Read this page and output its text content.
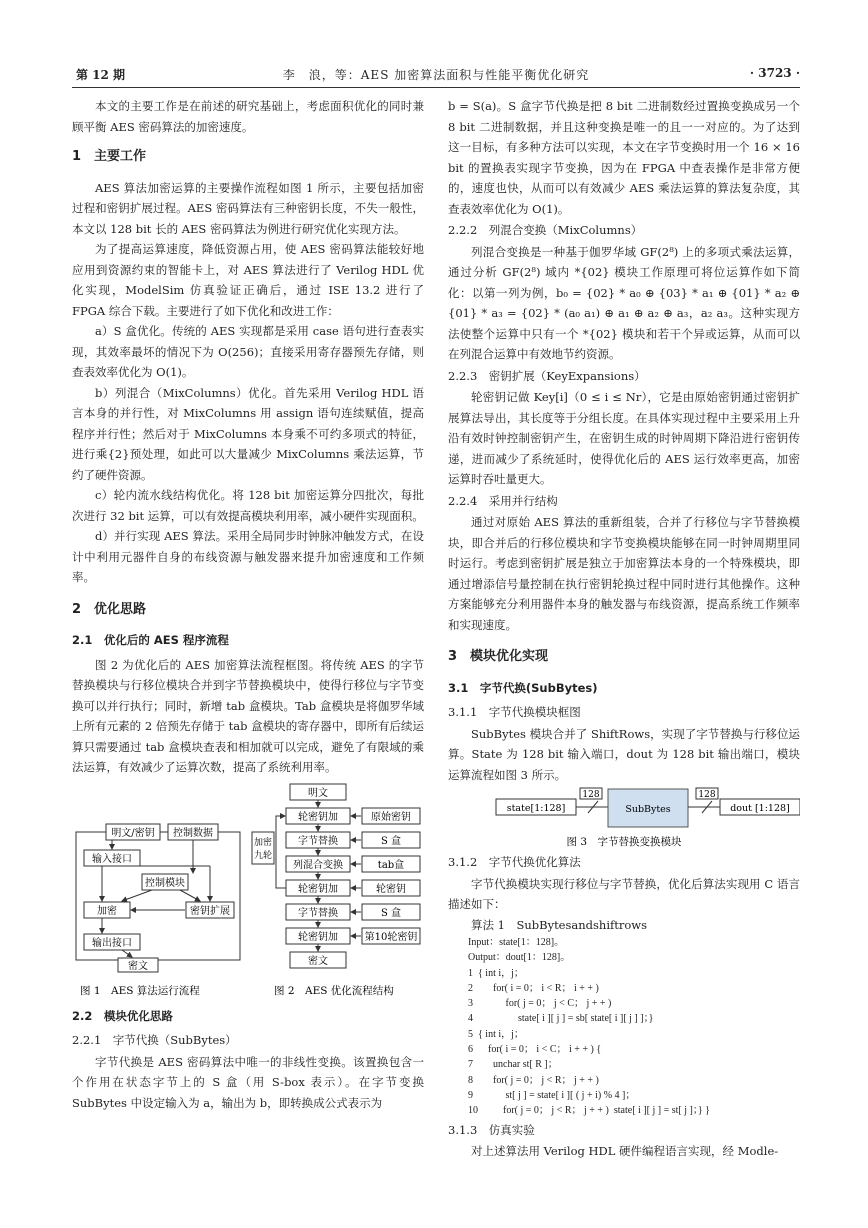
第 12 期	李　浪，等：AES 加密算法面积与性能平衡优化研究	· 3723 ·

本文的主要工作是在前述的研究基础上，考虑面积优化的同时兼顾平衡 AES 密码算法的加密速度。

1　主要工作

AES 算法加密运算的主要操作流程如图 1 所示，主要包括加密过程和密钥扩展过程。AES 密码算法有三种密钥长度，不失一般性，本文以 128 bit 长的 AES 密码算法为例进行研究优化实现方法。

为了提高运算速度，降低资源占用，使 AES 密码算法能较好地应用到资源约束的智能卡上，对 AES 算法进行了 Verilog HDL 优化实现，ModelSim 仿真验证正确后，通过 ISE 13.2 进行了 FPGA 综合下载。主要进行了如下优化和改进工作：

a）S 盒优化。传统的 AES 实现都是采用 case 语句进行查表实现，其效率最坏的情况下为 O(256)；直接采用寄存器预先存储，则查表效率优化为 O(1)。

b）列混合（MixColumns）优化。首先采用 Verilog HDL 语言本身的并行性，对 MixColumns 用 assign 语句连续赋值，提高程序并行性；然后对于 MixColumns 本身乘不可约多项式的特征，进行乘{2}预处理，如此可以大量减少 MixColumns 乘法运算，节约了硬件资源。

c）轮内流水线结构优化。将 128 bit 加密运算分四批次，每批次进行 32 bit 运算，可以有效提高模块利用率，减小硬件实现面积。

d）并行实现 AES 算法。采用全局同步时钟脉冲触发方式，在设计中利用元器件自身的布线资源与触发器来提升加密速度和工作频率。

2　优化思路
2.1　优化后的 AES 程序流程

图 2 为优化后的 AES 加密算法流程框图。将传统 AES 的字节替换模块与行移位模块合并到字节替换模块中，使得行移位与字节变换可以并行执行；同时，新增 tab 盒模块。Tab 盒模块是将伽罗华域上所有元素的 2 倍预先存储于 tab 盒模块的寄存器中，即所有后续运算只需要通过 tab 盒模块查表和相加就可以完成，避免了有限域的乘法运算，有效减少了运算次数，提高了系统利用率。

明文/密钥 控制数据
输入接口
控制模块
加密	密钥扩展
输出接口
密文
图 1　AES 算法运行流程
明文
轮密钥加
字节替换
列混合变换
轮密钥加
字节替换
轮密钥加
密文
原始密钥
S 盒
tab盒
轮密钥
S 盒
第10轮密钥
加密
九轮
图 2　AES 优化流程结构
2.2　模块优化思路
2.2.1　字节代换（SubBytes）

字节代换是 AES 密码算法中唯一的非线性变换。该置换包含一个作用在状态字节上的 S 盒（用 S-box 表示）。在字节变换 SubBytes 中设定输入为 a，输出为 b，即转换成公式表示为

b = S(a)。S 盒字节代换是把 8 bit 二进制数经过置换变换成另一个 8 bit 二进制数据，并且这种变换是唯一的且一一对应的。为了达到这一目标，有多种方法可以实现，本文在字节变换时用一个 16 × 16 bit 的置换表实现字节变换，因为在 FPGA 中查表操作是非常方便的，速度也快，从而可以有效减少 AES 乘法运算的算法复杂度，其查表效率优化为 O(1)。

2.2.2　列混合变换（MixColumns）

列混合变换是一种基于伽罗华域 GF(2⁸) 上的多项式乘法运算，通过分析 GF(2⁸) 域内 *{02} 模块工作原理可将位运算作如下简化：以第一列为例，b₀ = {02} * a₀ ⊕ {03} * a₁ ⊕ {01} * a₂ ⊕ {01} * a₃ = {02} * (a₀ a₁) ⊕ a₁ ⊕ a₂ ⊕ a₃，a₂ a₃。这种实现方法使整个运算中只有一个 *{02} 模块和若干个异或运算，从而可以在列混合运算中有效地节约资源。

2.2.3　密钥扩展（KeyExpansions）

轮密钥记做 Key[i]（0 ≤ i ≤ Nr），它是由原始密钥通过密钥扩展算法导出，其长度等于分组长度。在具体实现过程中主要采用上升沿有效时钟控制密钥产生，在密钥生成的时钟周期下降沿进行密钥传递，进而减少了系统延时，使得优化后的 AES 运行效率更高，加密运算时吞吐量更大。

2.2.4　采用并行结构

通过对原始 AES 算法的重新组装，合并了行移位与字节替换模块，即合并后的行移位模块和字节变换模块能够在同一时钟周期里同时运行。考虑到密钥扩展是独立于加密算法本身的一个特殊模块，即通过增添信号量控制在执行密钥轮换过程中同时进行其他操作。这种方案能够充分利用器件本身的触发器与布线资源，提高系统工作频率和实现速度。

3　模块优化实现
3.1　字节代换(SubBytes)
3.1.1　字节代换模块框图

SubBytes 模块合并了 ShiftRows，实现了字节替换与行移位运算。State 为 128 bit 输入端口，dout 为 128 bit 输出端口，模块运算流程如图 3 所示。

state[1:128]
128
SubBytes
128
dout [1:128]
图 3　字节替换变换模块
3.1.2　字节代换优化算法

字节代换模块实现行移位与字节替换，优化后算法实现用 C 语言描述如下：

算法 1　SubBytesandshiftrows

Input：state[1：128]。
Output：dout[1：128]。
1  { int i，j；
2        for( i = 0； i < R； i + + )
3             for( j = 0； j < C； j + + )
4                  state[ i ][ j ] = sb[ state[ i ][ j ] ]；}
5  { int i，j；
6      for( i = 0； i < C； i + + ) {
7        unchar st[ R ]；
8        for( j = 0； j < R； j + + )
9             st[ j ] = state[ i ][ ( j + i) % 4 ]；
10          for( j = 0； j < R； j + + )  state[ i ][ j ] = st[ j ]；} }
3.1.3　仿真实验

对上述算法用 Verilog HDL 硬件编程语言实现，经 Modle-
